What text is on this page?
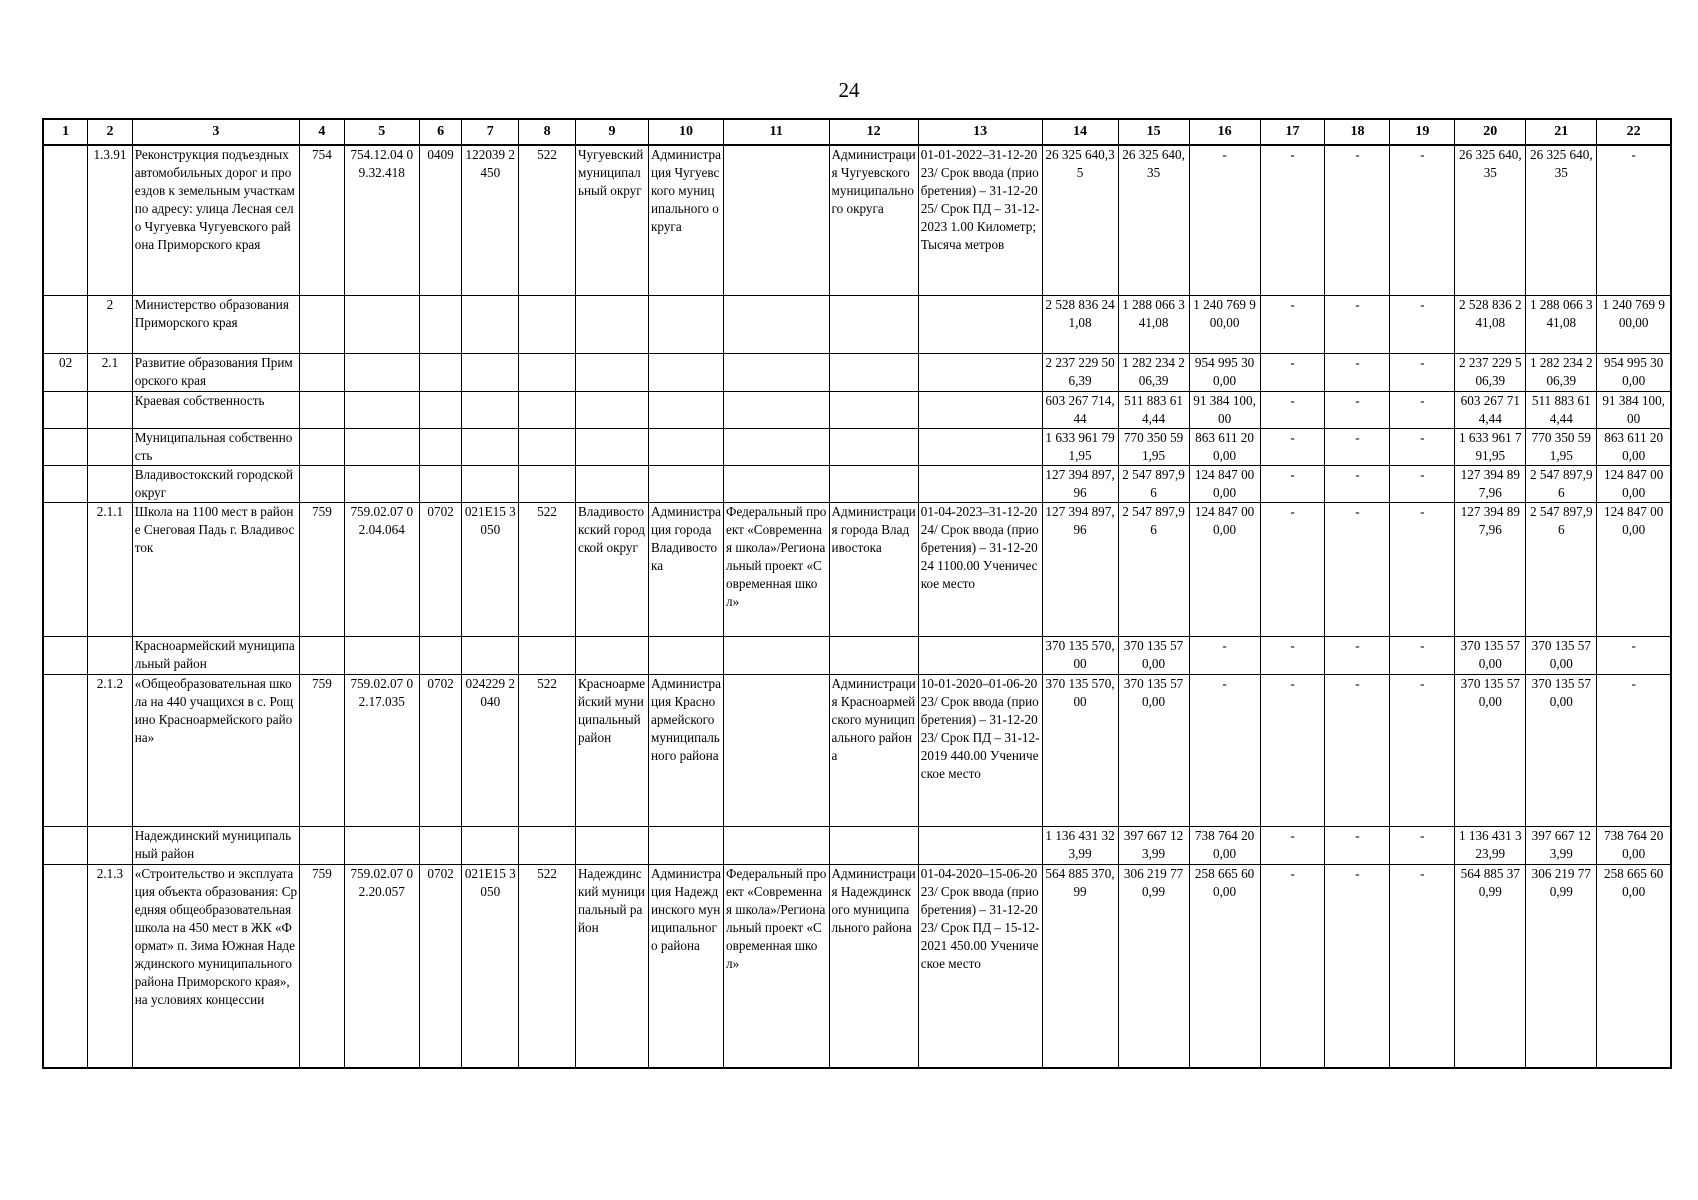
24
1	2	3	4	5	6	7	8	9	10	11	12	13	14	15	16	17	18	19	20	21	22
	1.3.91	Реконструкция подъездных автомобильных дорог и проездов к земельным участкам по адресу: улица Лесная село Чугуевка Чугуевского района Приморского края	754	754.12.04 09.32.418	0409	122039 2450	522	Чугуевский муниципальный округ	Администрация Чугуевского муниципального округа		Администрация Чугуевского муниципального округа	01-01-2022–31-12-2023/ Срок ввода (приобретения) – 31-12-2025/ Срок ПД – 31-12-2023 1.00 Километр; Тысяча метров	26 325 640,35	26 325 640,35	-	-	-	-	26 325 640,35	26 325 640,35	-
	2	Министерство образования Приморского края											2 528 836 241,08	1 288 066 341,08	1 240 769 900,00	-	-	-	2 528 836 241,08	1 288 066 341,08	1 240 769 900,00
02	2.1	Развитие образования Приморского края											2 237 229 506,39	1 282 234 206,39	954 995 300,00	-	-	-	2 237 229 506,39	1 282 234 206,39	954 995 300,00
		Краевая собственность											603 267 714,44	511 883 614,44	91 384 100,00	-	-	-	603 267 714,44	511 883 614,44	91 384 100,00
		Муниципальная собственность											1 633 961 791,95	770 350 591,95	863 611 200,00	-	-	-	1 633 961 791,95	770 350 591,95	863 611 200,00
		Владивостокский городской округ											127 394 897,96	2 547 897,96	124 847 000,00	-	-	-	127 394 897,96	2 547 897,96	124 847 000,00
	2.1.1	Школа на 1100 мест в районе Снеговая Падь г. Владивосток	759	759.02.07 02.04.064	0702	021E15 3050	522	Владивостокский городской округ	Администрация города Владивостока	Федеральный проект «Современная школа»/Региональный проект «Современная школ»	Администрация города Владивостока	01-04-2023–31-12-2024/ Срок ввода (приобретения) – 31-12-2024 1100.00 Ученическое место	127 394 897,96	2 547 897,96	124 847 000,00	-	-	-	127 394 897,96	2 547 897,96	124 847 000,00
		Красноармейский муниципальный район											370 135 570,00	370 135 570,00	-	-	-	-	370 135 570,00	370 135 570,00	-
	2.1.2	«Общеобразовательная школа на 440 учащихся в с. Рощино Красноармейского района»	759	759.02.07 02.17.035	0702	024229 2040	522	Красноармейский муниципальный район	Администрация Красноармейского муниципального района		Администрация Красноармейского муниципального района	10-01-2020–01-06-2023/ Срок ввода (приобретения) – 31-12-2023/ Срок ПД – 31-12-2019 440.00 Ученическое место	370 135 570,00	370 135 570,00	-	-	-	-	370 135 570,00	370 135 570,00	-
		Надеждинский муниципальный район											1 136 431 323,99	397 667 123,99	738 764 200,00	-	-	-	1 136 431 323,99	397 667 123,99	738 764 200,00
	2.1.3	«Строительство и эксплуатация объекта образования: Средняя общеобразовательная школа на 450 мест в ЖК «Формат» п. Зима Южная Надеждинского муниципального района Приморского края», на условиях концессии	759	759.02.07 02.20.057	0702	021E15 3050	522	Надеждинский муниципальный район	Администрация Надеждинского муниципального района	Федеральный проект «Современная школа»/Региональный проект «Современная школ»	Администрация Надеждинского муниципального района	01-04-2020–15-06-2023/ Срок ввода (приобретения) – 31-12-2023/ Срок ПД – 15-12-2021 450.00 Ученическое место	564 885 370,99	306 219 770,99	258 665 600,00	-	-	-	564 885 370,99	306 219 770,99	258 665 600,00
